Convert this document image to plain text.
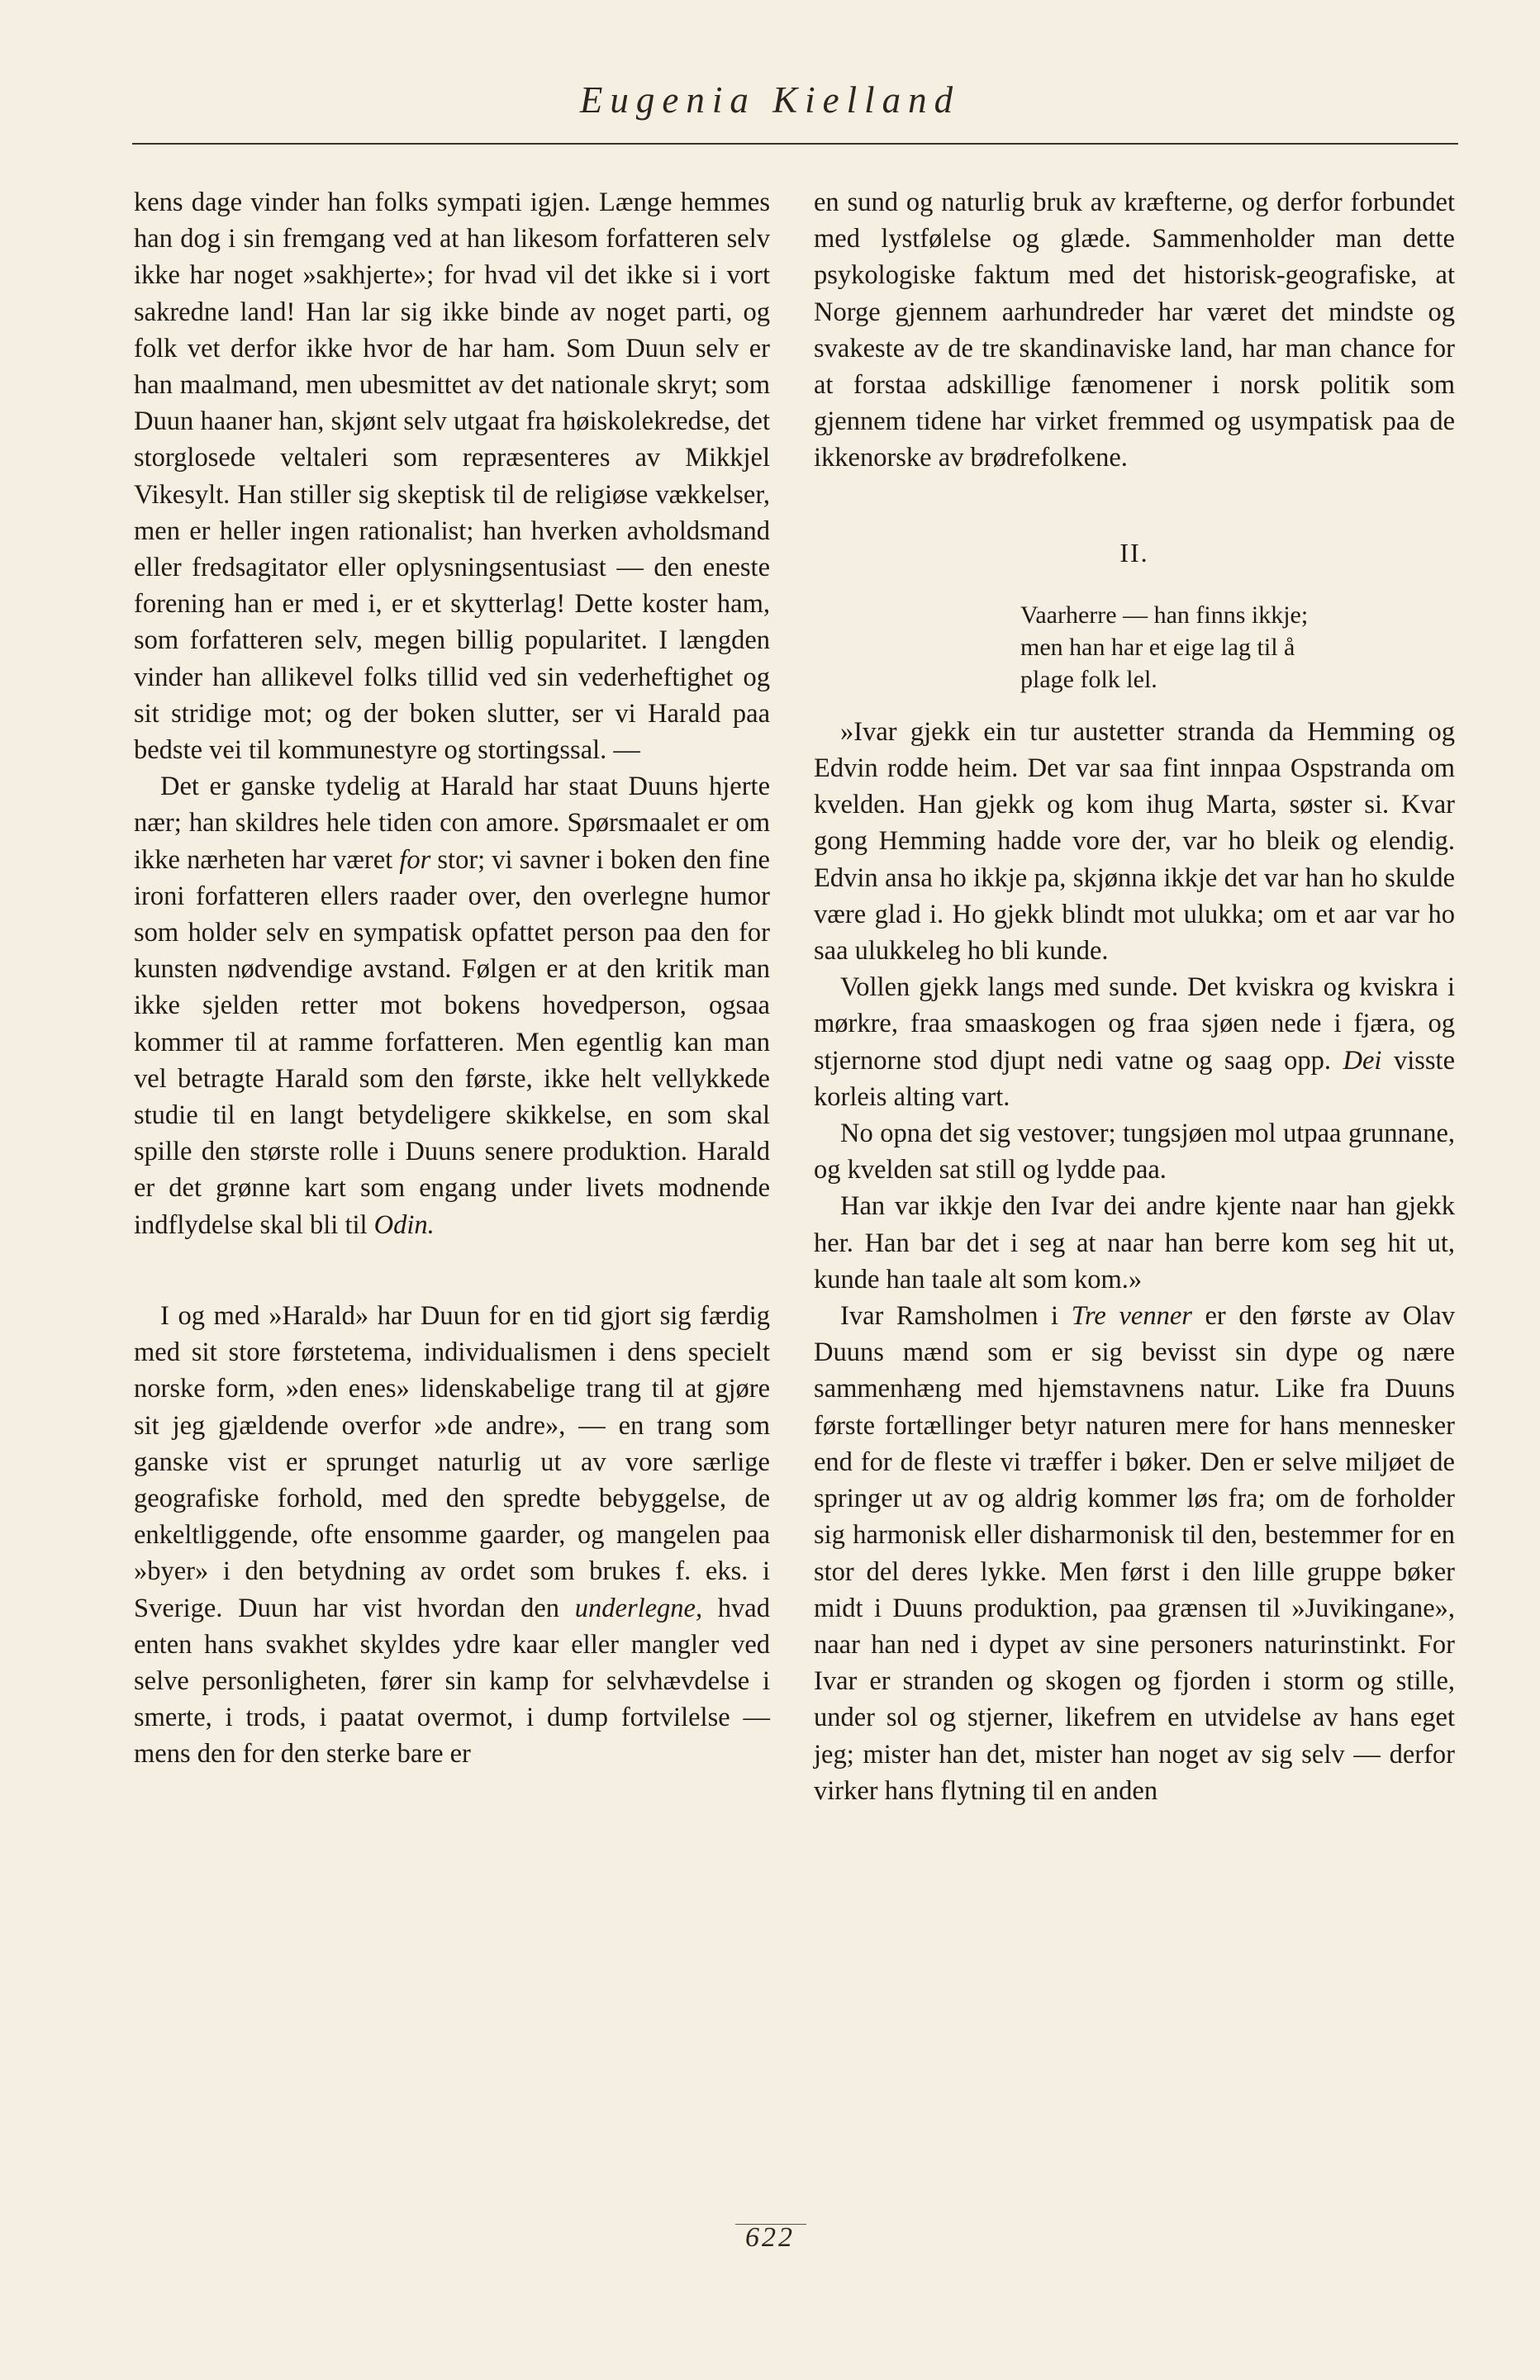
Eugenia Kielland

kens dage vinder han folks sympati igjen. Længe hemmes han dog i sin fremgang ved at han likesom forfatteren selv ikke har noget »sakhjerte»; for hvad vil det ikke si i vort sakredne land! Han lar sig ikke binde av noget parti, og folk vet derfor ikke hvor de har ham. Som Duun selv er han maalmand, men ubesmittet av det nationale skryt; som Duun haaner han, skjønt selv utgaat fra høiskolekredse, det storglosede veltaleri som repræsenteres av Mikkjel Vikesylt. Han stiller sig skeptisk til de religiøse vækkelser, men er heller ingen rationalist; han hverken avholdsmand eller fredsagitator eller oplysningsentusiast — den eneste forening han er med i, er et skytterlag! Dette koster ham, som forfatteren selv, megen billig popularitet. I længden vinder han allikevel folks tillid ved sin vederheftighet og sit stridige mot; og der boken slutter, ser vi Harald paa bedste vei til kommunestyre og stortingssal. —

Det er ganske tydelig at Harald har staat Duuns hjerte nær; han skildres hele tiden con amore. Spørsmaalet er om ikke nærheten har været for stor; vi savner i boken den fine ironi forfatteren ellers raader over, den overlegne humor som holder selv en sympatisk opfattet person paa den for kunsten nødvendige avstand. Følgen er at den kritik man ikke sjelden retter mot bokens hovedperson, ogsaa kommer til at ramme forfatteren. Men egentlig kan man vel betragte Harald som den første, ikke helt vellykkede studie til en langt betydeligere skikkelse, en som skal spille den største rolle i Duuns senere produktion. Harald er det grønne kart som engang under livets modnende indflydelse skal bli til Odin.

I og med »Harald» har Duun for en tid gjort sig færdig med sit store førstetema, individualismen i dens specielt norske form, »den enes» lidenskabelige trang til at gjøre sit jeg gjældende overfor »de andre», — en trang som ganske vist er sprunget naturlig ut av vore særlige geografiske forhold, med den spredte bebyggelse, de enkeltliggende, ofte ensomme gaarder, og mangelen paa »byer» i den betydning av ordet som brukes f. eks. i Sverige. Duun har vist hvordan den underlegne, hvad enten hans svakhet skyldes ydre kaar eller mangler ved selve personligheten, fører sin kamp for selvhævdelse i smerte, i trods, i paatat overmot, i dump fortvilelse — mens den for den sterke bare er

en sund og naturlig bruk av kræfterne, og derfor forbundet med lystfølelse og glæde. Sammenholder man dette psykologiske faktum med det historisk-geografiske, at Norge gjennem aarhundreder har været det mindste og svakeste av de tre skandinaviske land, har man chance for at forstaa adskillige fænomener i norsk politik som gjennem tidene har virket fremmed og usympatisk paa de ikkenorske av brødrefolkene.

II.
Vaarherre — han finns ikkje;
men han har et eige lag til å
plage folk lel.

»Ivar gjekk ein tur austetter stranda da Hemming og Edvin rodde heim. Det var saa fint innpaa Ospstranda om kvelden. Han gjekk og kom ihug Marta, søster si. Kvar gong Hemming hadde vore der, var ho bleik og elendig. Edvin ansa ho ikkje pa, skjønna ikkje det var han ho skulde være glad i. Ho gjekk blindt mot ulukka; om et aar var ho saa ulukkeleg ho bli kunde.

Vollen gjekk langs med sunde. Det kviskra og kviskra i mørkre, fraa smaaskogen og fraa sjøen nede i fjæra, og stjernorne stod djupt nedi vatne og saag opp. Dei visste korleis alting vart.

No opna det sig vestover; tungsjøen mol utpaa grunnane, og kvelden sat still og lydde paa.

Han var ikkje den Ivar dei andre kjente naar han gjekk her. Han bar det i seg at naar han berre kom seg hit ut, kunde han taale alt som kom.»

Ivar Ramsholmen i Tre venner er den første av Olav Duuns mænd som er sig bevisst sin dype og nære sammenhæng med hjemstavnens natur. Like fra Duuns første fortællinger betyr naturen mere for hans mennesker end for de fleste vi træffer i bøker. Den er selve miljøet de springer ut av og aldrig kommer løs fra; om de forholder sig harmonisk eller disharmonisk til den, bestemmer for en stor del deres lykke. Men først i den lille gruppe bøker midt i Duuns produktion, paa grænsen til »Juvikingane», naar han ned i dypet av sine personers naturinstinkt. For Ivar er stranden og skogen og fjorden i storm og stille, under sol og stjerner, likefrem en utvidelse av hans eget jeg; mister han det, mister han noget av sig selv — derfor virker hans flytning til en anden

622
